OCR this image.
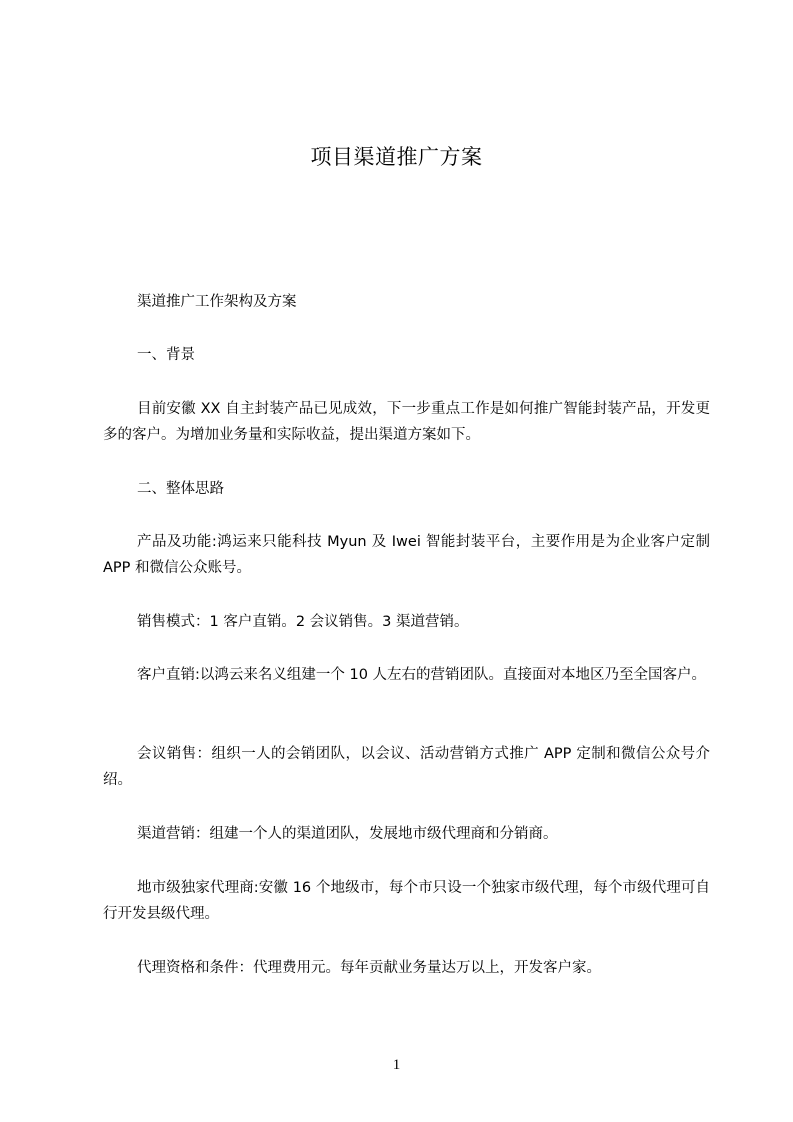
项目渠道推广方案

渠道推广工作架构及方案

一、背景

目前安徽 XX 自主封装产品已见成效，下一步重点工作是如何推广智能封装产品，开发更多的客户。为增加业务量和实际收益，提出渠道方案如下。

二、整体思路

产品及功能:鸿运来只能科技 Myun 及 Iwei 智能封装平台，主要作用是为企业客户定制 APP 和微信公众账号。

销售模式：1 客户直销。2 会议销售。3 渠道营销。

客户直销:以鸿云来名义组建一个 10 人左右的营销团队。直接面对本地区乃至全国客户。

会议销售：组织一人的会销团队，以会议、活动营销方式推广 APP 定制和微信公众号介绍。

渠道营销：组建一个人的渠道团队，发展地市级代理商和分销商。

地市级独家代理商:安徽 16 个地级市，每个市只设一个独家市级代理，每个市级代理可自行开发县级代理。

代理资格和条件：代理费用元。每年贡献业务量达万以上，开发客户家。

1
